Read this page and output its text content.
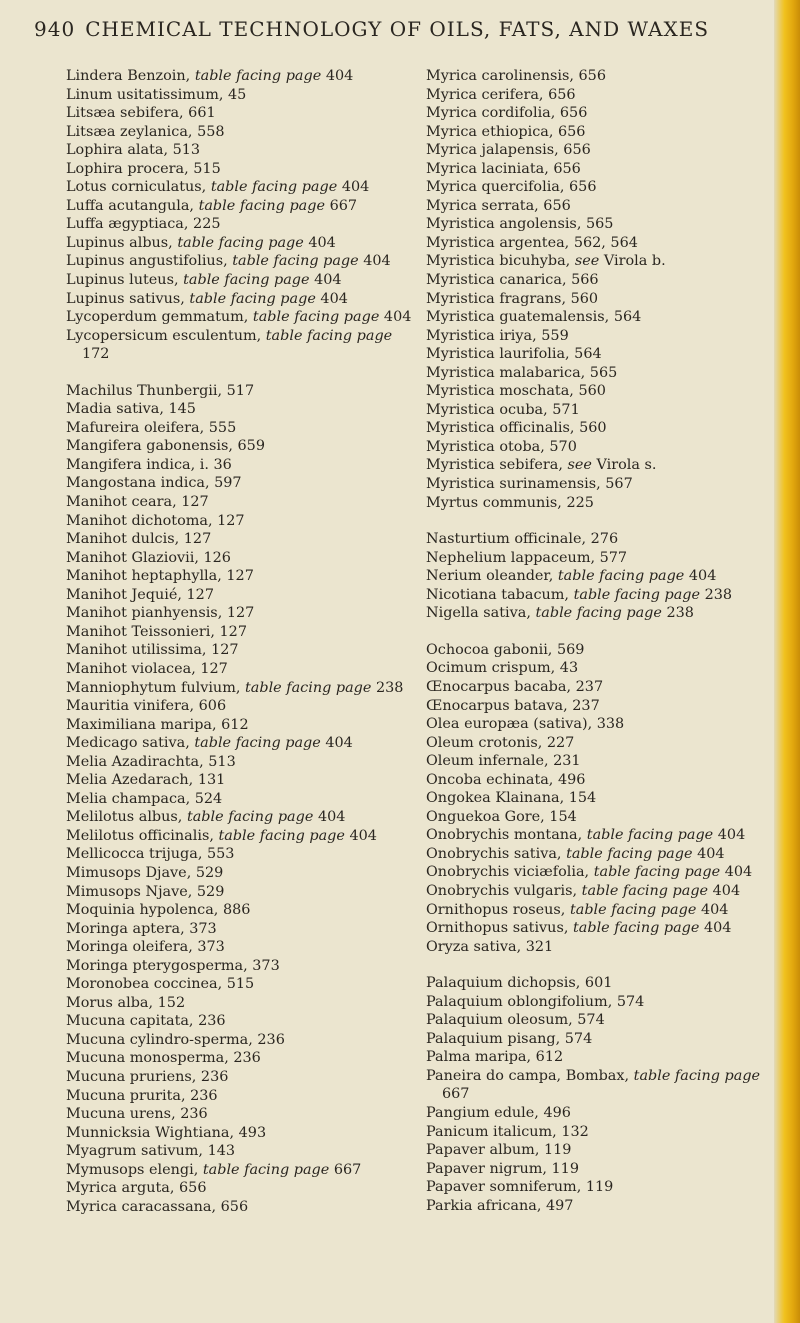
940 CHEMICAL TECHNOLOGY OF OILS, FATS, AND WAXES
Lindera Benzoin, table facing page 404
Linum usitatissimum, 45
Litsæa sebifera, 661
Litsæa zeylanica, 558
Lophira alata, 513
Lophira procera, 515
Lotus corniculatus, table facing page 404
Luffa acutangula, table facing page 667
Luffa ægyptiaca, 225
Lupinus albus, table facing page 404
Lupinus angustifolius, table facing page 404
Lupinus luteus, table facing page 404
Lupinus sativus, table facing page 404
Lycoperdum gemmatum, table facing page 404
Lycopersicum esculentum, table facing page 172
Machilus Thunbergii, 517
Madia sativa, 145
Mafureira oleifera, 555
Mangifera gabonensis, 659
Mangifera indica, i. 36
Mangostana indica, 597
Manihot ceara, 127
Manihot dichotoma, 127
Manihot dulcis, 127
Manihot Glaziovii, 126
Manihot heptaphylla, 127
Manihot Jequié, 127
Manihot pianhyensis, 127
Manihot Teissonieri, 127
Manihot utilissima, 127
Manihot violacea, 127
Manniophytum fulvium, table facing page 238
Mauritia vinifera, 606
Maximiliana maripa, 612
Medicago sativa, table facing page 404
Melia Azadirachta, 513
Melia Azedarach, 131
Melia champaca, 524
Melilotus albus, table facing page 404
Melilotus officinalis, table facing page 404
Mellicocca trijuga, 553
Mimusops Djave, 529
Mimusops Njave, 529
Moquinia hypolenca, 886
Moringa aptera, 373
Moringa oleifera, 373
Moringa pterygosperma, 373
Moronobea coccinea, 515
Morus alba, 152
Mucuna capitata, 236
Mucuna cylindro-sperma, 236
Mucuna monosperma, 236
Mucuna pruriens, 236
Mucuna prurita, 236
Mucuna urens, 236
Munnicksia Wightiana, 493
Myagrum sativum, 143
Mymusops elengi, table facing page 667
Myrica arguta, 656
Myrica caracassana, 656
Myrica carolinensis, 656
Myrica cerifera, 656
Myrica cordifolia, 656
Myrica ethiopica, 656
Myrica jalapensis, 656
Myrica laciniata, 656
Myrica quercifolia, 656
Myrica serrata, 656
Myristica angolensis, 565
Myristica argentea, 562, 564
Myristica bicuhyba, see Virola b.
Myristica canarica, 566
Myristica fragrans, 560
Myristica guatemalensis, 564
Myristica iriya, 559
Myristica laurifolia, 564
Myristica malabarica, 565
Myristica moschata, 560
Myristica ocuba, 571
Myristica officinalis, 560
Myristica otoba, 570
Myristica sebifera, see Virola s.
Myristica surinamensis, 567
Myrtus communis, 225
Nasturtium officinale, 276
Nephelium lappaceum, 577
Nerium oleander, table facing page 404
Nicotiana tabacum, table facing page 238
Nigella sativa, table facing page 238
Ochocoa gabonii, 569
Ocimum crispum, 43
Œnocarpus bacaba, 237
Œnocarpus batava, 237
Olea europæa (sativa), 338
Oleum crotonis, 227
Oleum infernale, 231
Oncoba echinata, 496
Ongokea Klainana, 154
Onguekoa Gore, 154
Onobrychis montana, table facing page 404
Onobrychis sativa, table facing page 404
Onobrychis viciæfolia, table facing page 404
Onobrychis vulgaris, table facing page 404
Ornithopus roseus, table facing page 404
Ornithopus sativus, table facing page 404
Oryza sativa, 321
Palaquium dichopsis, 601
Palaquium oblongifolium, 574
Palaquium oleosum, 574
Palaquium pisang, 574
Palma maripa, 612
Paneira do campa, Bombax, table facing page 667
Pangium edule, 496
Panicum italicum, 132
Papaver album, 119
Papaver nigrum, 119
Papaver somniferum, 119
Parkia africana, 497
